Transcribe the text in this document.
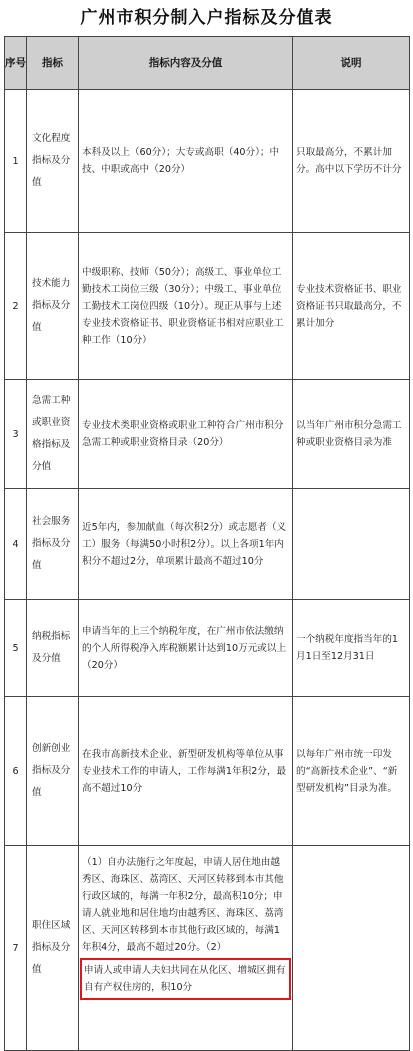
广州市积分制入户指标及分值表
序号	指标	指标内容及分值	说明
1	文化程度指标及分值	本科及以上（60分）；大专或高职（40分）；中技、中职或高中（20分）	只取最高分，不累计加分。高中以下学历不计分
2	技术能力指标及分值	中级职称、技师（50分）；高级工、事业单位工勤技术工岗位三级（30分）；中级工、事业单位工勤技术工岗位四级（10分）。现正从事与上述专业技术资格证书、职业资格证书相对应职业工种工作（10分）	专业技术资格证书、职业资格证书只取最高分，不累计加分
3	急需工种或职业资格指标及分值	专业技术类职业资格或职业工种符合广州市积分急需工种或职业资格目录（20分）	以当年广州市积分急需工种或职业资格目录为准
4	社会服务指标及分值	近5年内，参加献血（每次积2分）或志愿者（义工）服务（每满50小时积2分）。以上各项1年内积分不超过2分，单项累计最高不超过10分	
5	纳税指标及分值	申请当年的上三个纳税年度，在广州市依法缴纳的个人所得税净入库税额累计达到10万元或以上（20分）	一个纳税年度指当年的1月1日至12月31日
6	创新创业指标及分值	在我市高新技术企业、新型研发机构等单位从事专业技术工作的申请人，工作每满1年积2分，最高不超过10分	以每年广州市统一印发的“高新技术企业”、“新型研发机构”目录为准。
7	职住区域指标及分值	（1）自办法施行之年度起，申请人居住地由越秀区、海珠区、荔湾区、天河区转移到本市其他行政区域的，每满一年积2分，最高积10分；申请人就业地和居住地均由越秀区、海珠区、荔湾区、天河区转移到本市其他行政区域的，每满1年积4分，最高不超过20分。（2）
申请人或申请人夫妇共同在从化区、增城区拥有自有产权住房的，积10分	
